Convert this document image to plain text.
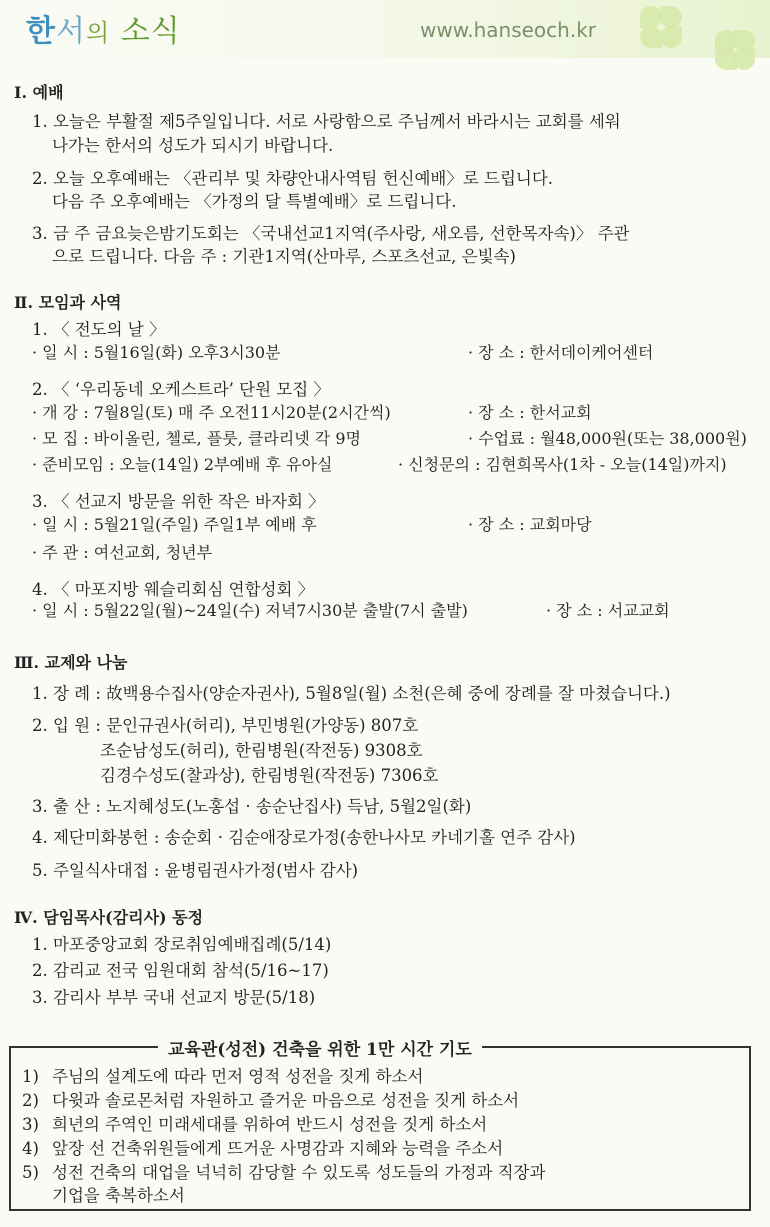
한서의 소식	www.hanseoch.kr
Ⅰ. 예배
1. 오늘은 부활절 제5주일입니다. 서로 사랑함으로 주님께서 바라시는 교회를 세워
나가는 한서의 성도가 되시기 바랍니다.
2. 오늘 오후예배는 〈관리부 및 차량안내사역팀 헌신예배〉로 드립니다.
다음 주 오후예배는 〈가정의 달 특별예배〉로 드립니다.
3. 금 주 금요늦은밤기도회는 〈국내선교1지역(주사랑, 새오름, 선한목자속)〉 주관
으로 드립니다. 다음 주 : 기관1지역(산마루, 스포츠선교, 은빛속)
Ⅱ. 모임과 사역
1. 〈 전도의 날 〉
· 일 시 : 5월16일(화) 오후3시30분	· 장 소 : 한서데이케어센터
2. 〈 ‘우리동네 오케스트라’ 단원 모집 〉
· 개 강 : 7월8일(토) 매 주 오전11시20분(2시간씩)	· 장 소 : 한서교회
· 모 집 : 바이올린, 첼로, 플룻, 클라리넷 각 9명	· 수업료 : 월48,000원(또는 38,000원)
· 준비모임 : 오늘(14일) 2부예배 후 유아실	· 신청문의 : 김현희목사(1차 - 오늘(14일)까지)
3. 〈 선교지 방문을 위한 작은 바자회 〉
· 일 시 : 5월21일(주일) 주일1부 예배 후	· 장 소 : 교회마당
· 주 관 : 여선교회, 청년부
4. 〈 마포지방 웨슬리회심 연합성회 〉
· 일 시 : 5월22일(월)~24일(수) 저녁7시30분 출발(7시 출발)	· 장 소 : 서교교회
Ⅲ. 교제와 나눔
1. 장 례 : 故백용수집사(양순자권사), 5월8일(월) 소천(은혜 중에 장례를 잘 마쳤습니다.)
2. 입 원 : 문인규권사(허리), 부민병원(가양동) 807호
조순남성도(허리), 한림병원(작전동) 9308호
김경수성도(찰과상), 한림병원(작전동) 7306호
3. 출 산 : 노지혜성도(노홍섭 · 송순난집사) 득남, 5월2일(화)
4. 제단미화봉헌 : 송순회 · 김순애장로가정(송한나사모 카네기홀 연주 감사)
5. 주일식사대접 : 윤병림권사가정(범사 감사)
Ⅳ. 담임목사(감리사) 동정
1. 마포중앙교회 장로취임예배집례(5/14)
2. 감리교 전국 임원대회 참석(5/16~17)
3. 감리사 부부 국내 선교지 방문(5/18)
교육관(성전) 건축을 위한 1만 시간 기도
1) 주님의 설계도에 따라 먼저 영적 성전을 짓게 하소서
2) 다윗과 솔로몬처럼 자원하고 즐거운 마음으로 성전을 짓게 하소서
3) 희년의 주역인 미래세대를 위하여 반드시 성전을 짓게 하소서
4) 앞장 선 건축위원들에게 뜨거운 사명감과 지혜와 능력을 주소서
5) 성전 건축의 대업을 넉넉히 감당할 수 있도록 성도들의 가정과 직장과
기업을 축복하소서
